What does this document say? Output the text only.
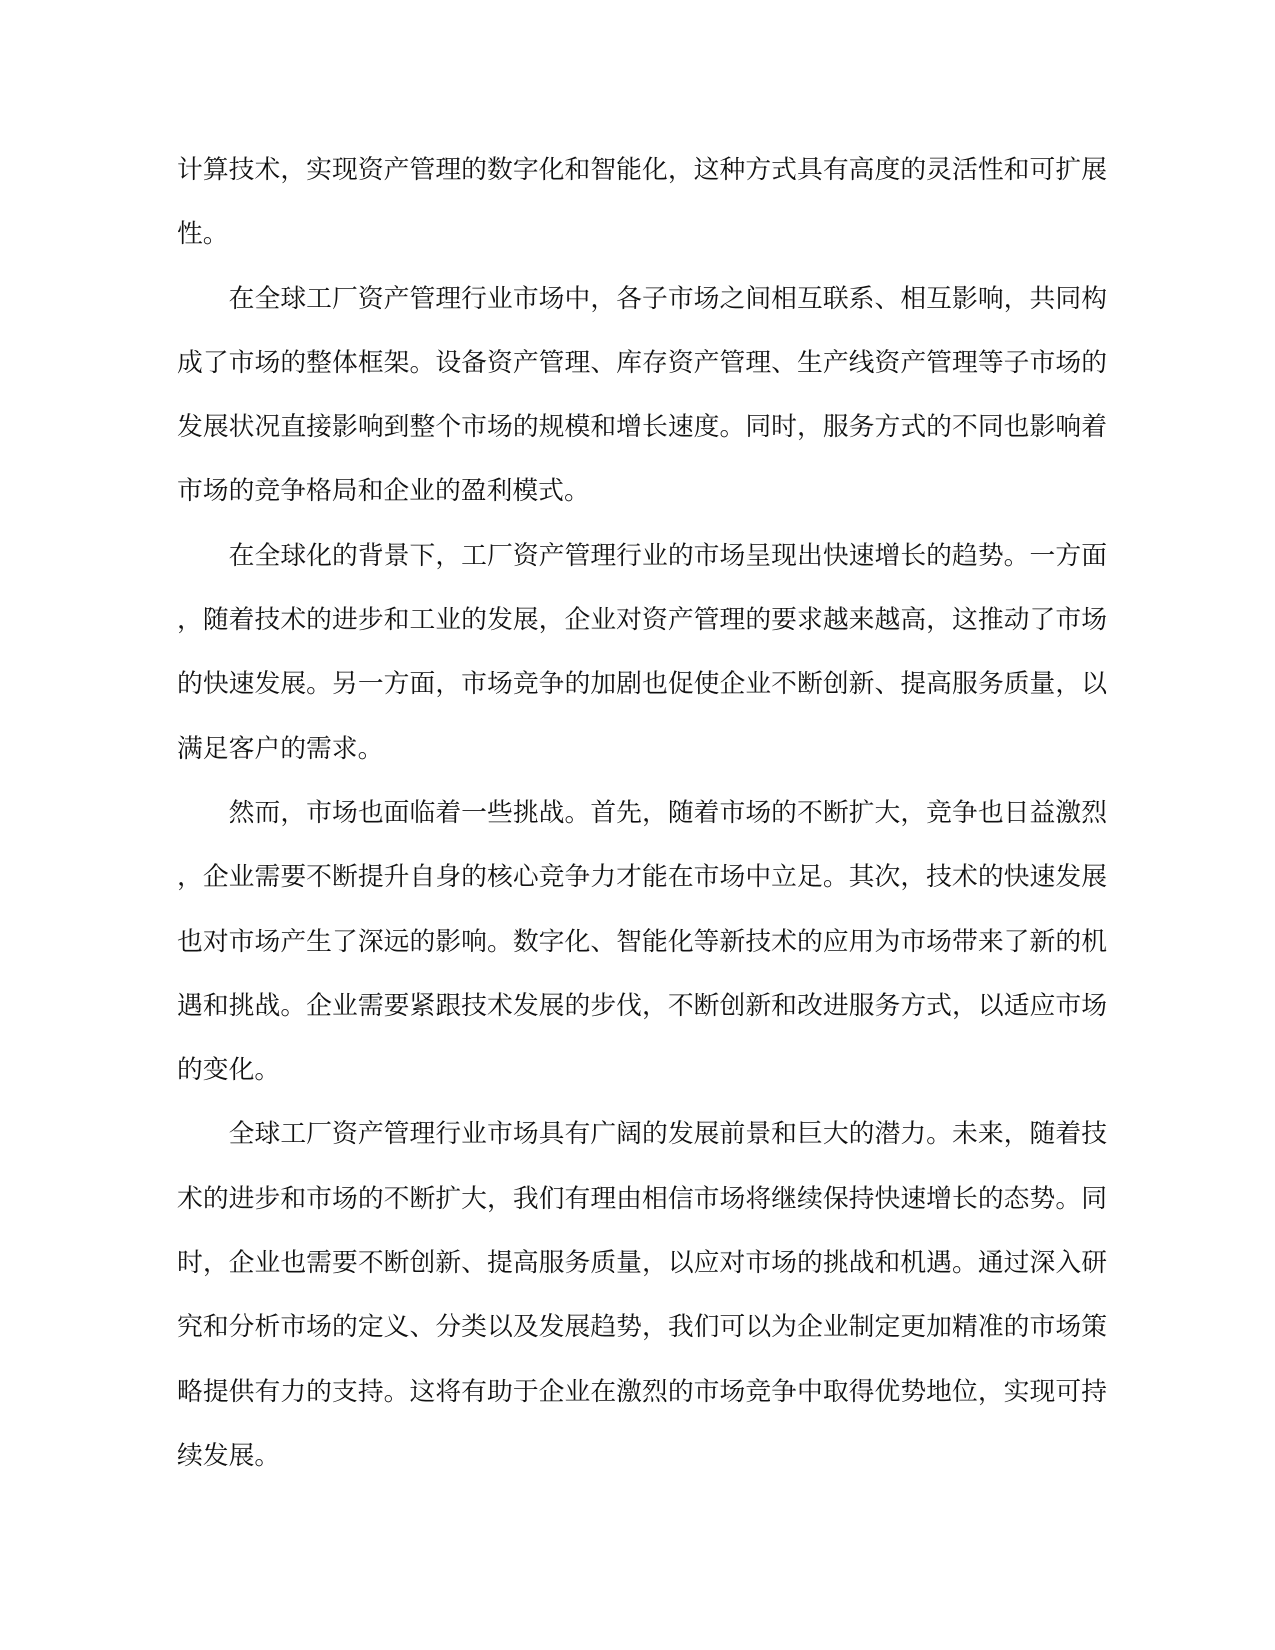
计算技术，实现资产管理的数字化和智能化，这种方式具有高度的灵活性和可扩展
性。

　　在全球工厂资产管理行业市场中，各子市场之间相互联系、相互影响，共同构
成了市场的整体框架。设备资产管理、库存资产管理、生产线资产管理等子市场的
发展状况直接影响到整个市场的规模和增长速度。同时，服务方式的不同也影响着
市场的竞争格局和企业的盈利模式。

　　在全球化的背景下，工厂资产管理行业的市场呈现出快速增长的趋势。一方面
，随着技术的进步和工业的发展，企业对资产管理的要求越来越高，这推动了市场
的快速发展。另一方面，市场竞争的加剧也促使企业不断创新、提高服务质量，以
满足客户的需求。

　　然而，市场也面临着一些挑战。首先，随着市场的不断扩大，竞争也日益激烈
，企业需要不断提升自身的核心竞争力才能在市场中立足。其次，技术的快速发展
也对市场产生了深远的影响。数字化、智能化等新技术的应用为市场带来了新的机
遇和挑战。企业需要紧跟技术发展的步伐，不断创新和改进服务方式，以适应市场
的变化。

　　全球工厂资产管理行业市场具有广阔的发展前景和巨大的潜力。未来，随着技
术的进步和市场的不断扩大，我们有理由相信市场将继续保持快速增长的态势。同
时，企业也需要不断创新、提高服务质量，以应对市场的挑战和机遇。通过深入研
究和分析市场的定义、分类以及发展趋势，我们可以为企业制定更加精准的市场策
略提供有力的支持。这将有助于企业在激烈的市场竞争中取得优势地位，实现可持
续发展。
